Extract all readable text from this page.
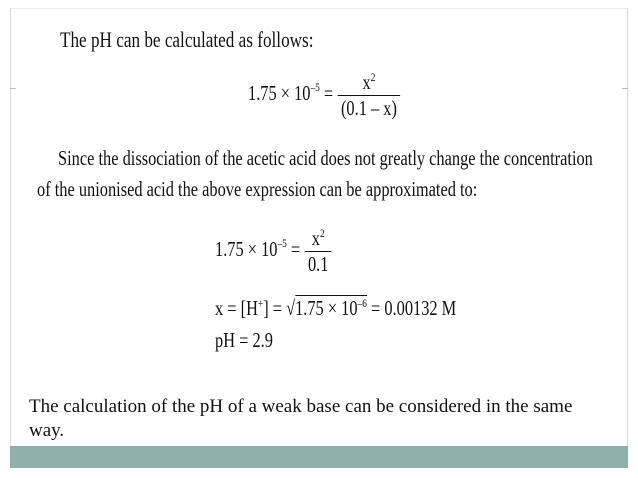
The pH can be calculated as follows:
$1.75 \times 10^{-5} = \frac{x^2}{(0.1 - x)}$
Since the dissociation of the acetic acid does not greatly change the concentration
of the unionised acid the above expression can be approximated to:
$1.75 \times 10^{-5} = \frac{x^2}{0.1}$
$x = [H^+] = √1.75 \times 10^{-6} = 0.00132$ M
pH = 2.9
The calculation of the pH of a weak base can be considered in the same way.
